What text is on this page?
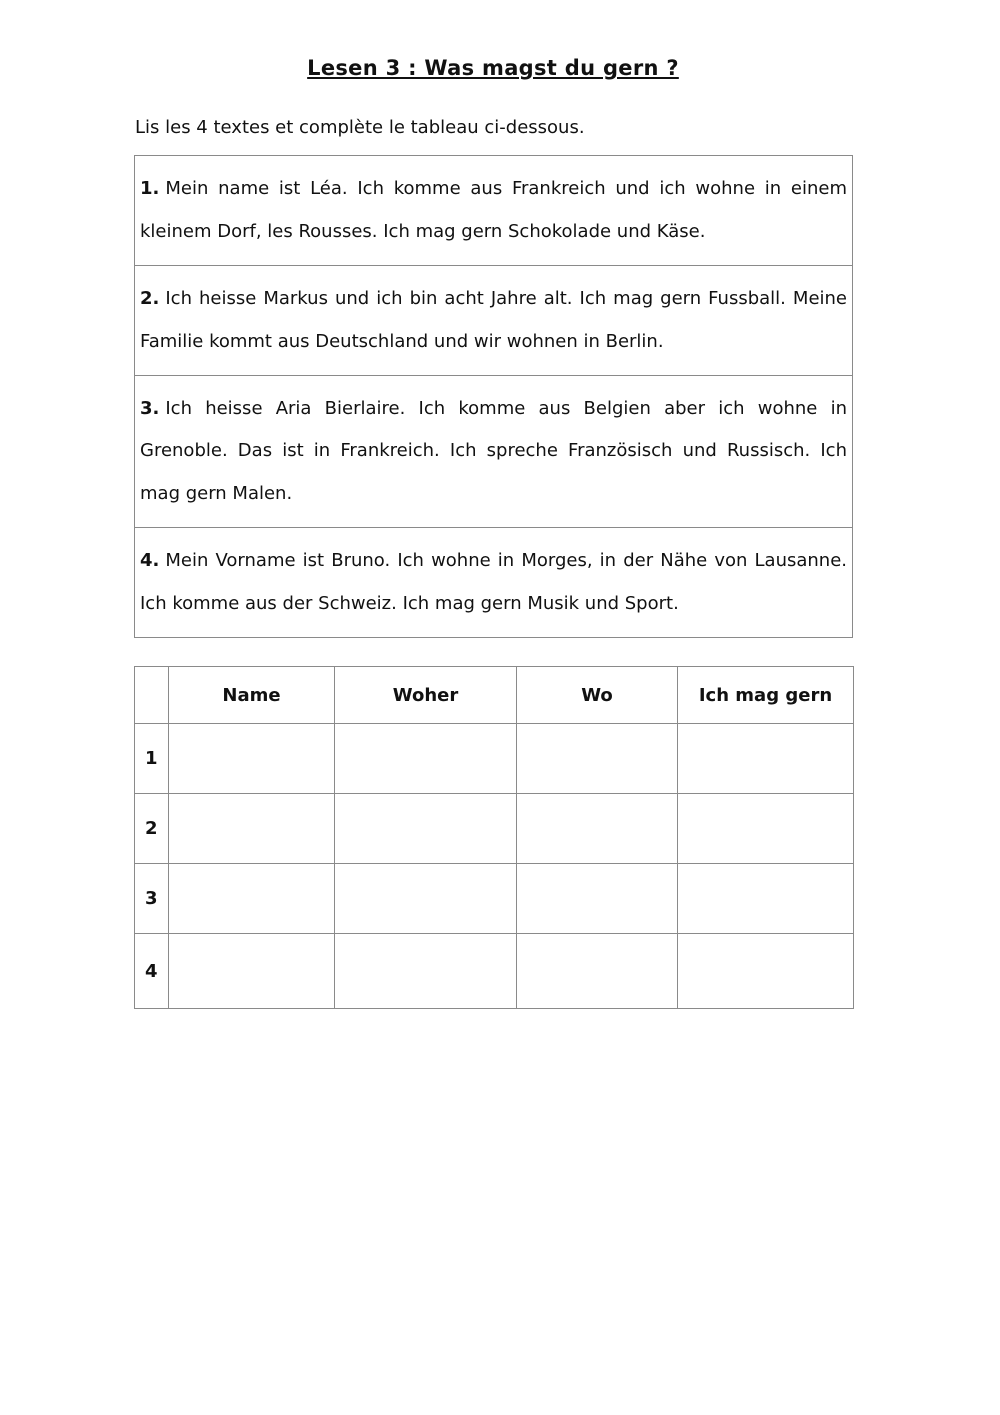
Lesen 3 : Was magst du gern ?
Lis les 4 textes et complète le tableau ci-dessous.
1. Mein name ist Léa. Ich komme aus Frankreich und ich wohne in einem kleinem Dorf, les Rousses. Ich mag gern Schokolade und Käse.
2. Ich heisse Markus und ich bin acht Jahre alt. Ich mag gern Fussball. Meine Familie kommt aus Deutschland und wir wohnen in Berlin.
3. Ich heisse Aria Bierlaire. Ich komme aus Belgien aber ich wohne in Grenoble. Das ist in Frankreich. Ich spreche Französisch und Russisch. Ich mag gern Malen.
4. Mein Vorname ist Bruno. Ich wohne in Morges, in der Nähe von Lausanne. Ich komme aus der Schweiz. Ich mag gern Musik und Sport.
	Name	Woher	Wo	Ich mag gern
1				
2				
3				
4				
